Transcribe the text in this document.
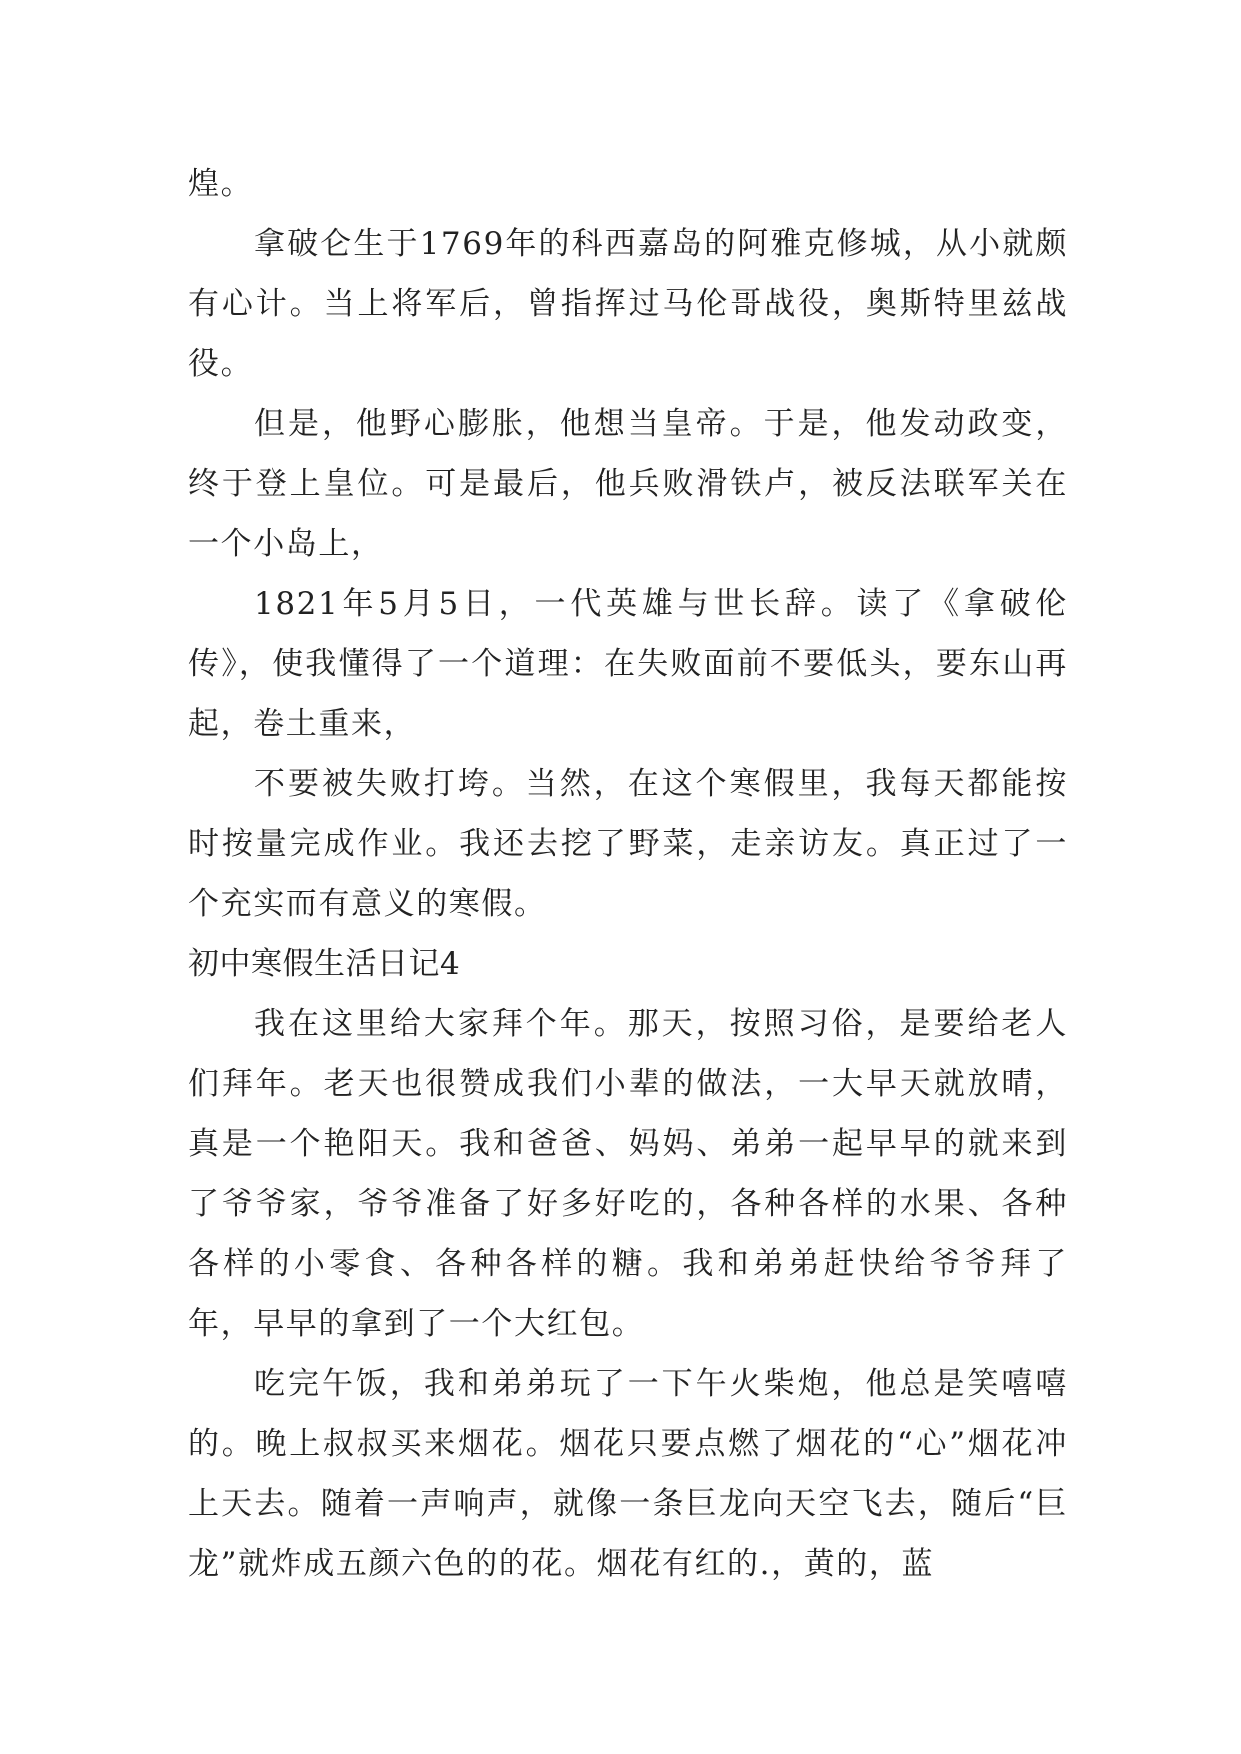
煌。

拿破仑生于1769年的科西嘉岛的阿雅克修城，从小就颇有心计。当上将军后，曾指挥过马伦哥战役，奥斯特里兹战役。

但是，他野心膨胀，他想当皇帝。于是，他发动政变，终于登上皇位。可是最后，他兵败滑铁卢，被反法联军关在一个小岛上，

1821年5月5日，一代英雄与世长辞。读了《拿破伦传》，使我懂得了一个道理：在失败面前不要低头，要东山再起，卷土重来，

不要被失败打垮。当然，在这个寒假里，我每天都能按时按量完成作业。我还去挖了野菜，走亲访友。真正过了一个充实而有意义的寒假。

初中寒假生活日记4

我在这里给大家拜个年。那天，按照习俗，是要给老人们拜年。老天也很赞成我们小辈的做法，一大早天就放晴，真是一个艳阳天。我和爸爸、妈妈、弟弟一起早早的就来到了爷爷家，爷爷准备了好多好吃的，各种各样的水果、各种各样的小零食、各种各样的糖。我和弟弟赶快给爷爷拜了年，早早的拿到了一个大红包。

吃完午饭，我和弟弟玩了一下午火柴炮，他总是笑嘻嘻的。晚上叔叔买来烟花。烟花只要点燃了烟花的“心”烟花冲上天去。随着一声响声，就像一条巨龙向天空飞去，随后“巨龙”就炸成五颜六色的的花。烟花有红的.，黄的，蓝
